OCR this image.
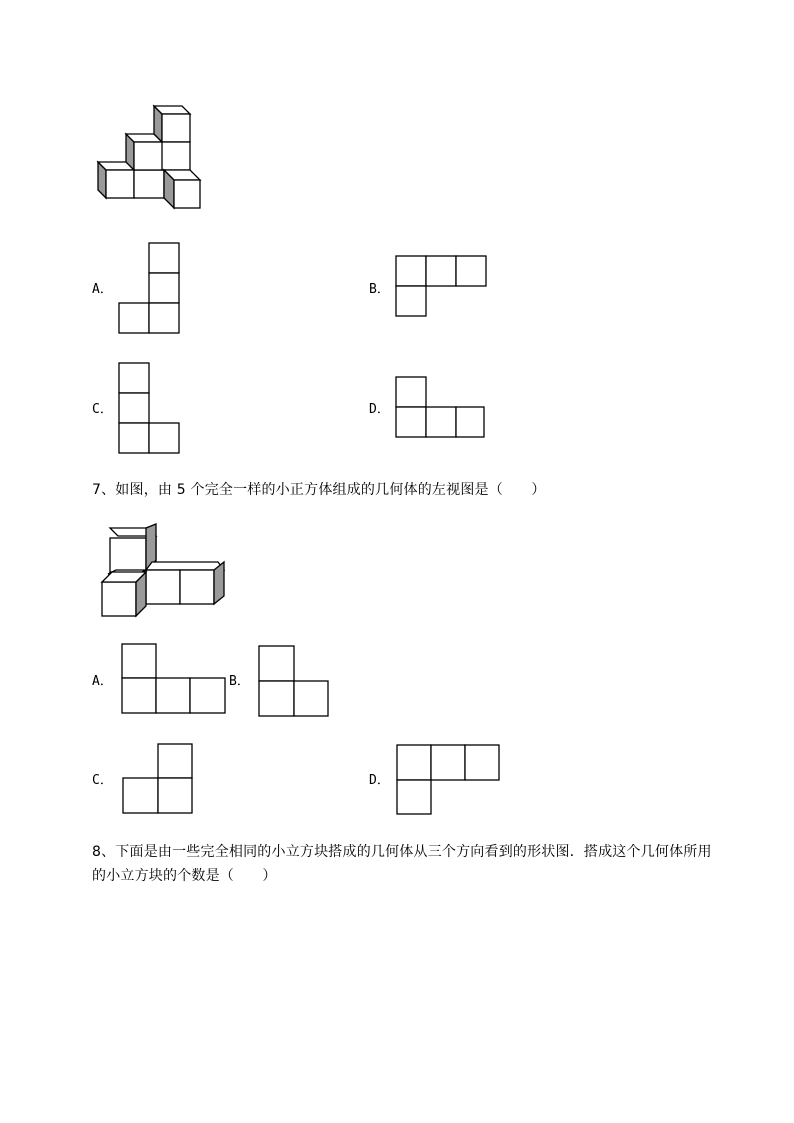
A．	B．
C．	D．
7、如图，由 5 个完全一样的小正方体组成的几何体的左视图是（　　）
A．	B．
C．	D．
8、下面是由一些完全相同的小立方块搭成的几何体从三个方向看到的形状图．搭成这个几何体所用
的小立方块的个数是（　　）
